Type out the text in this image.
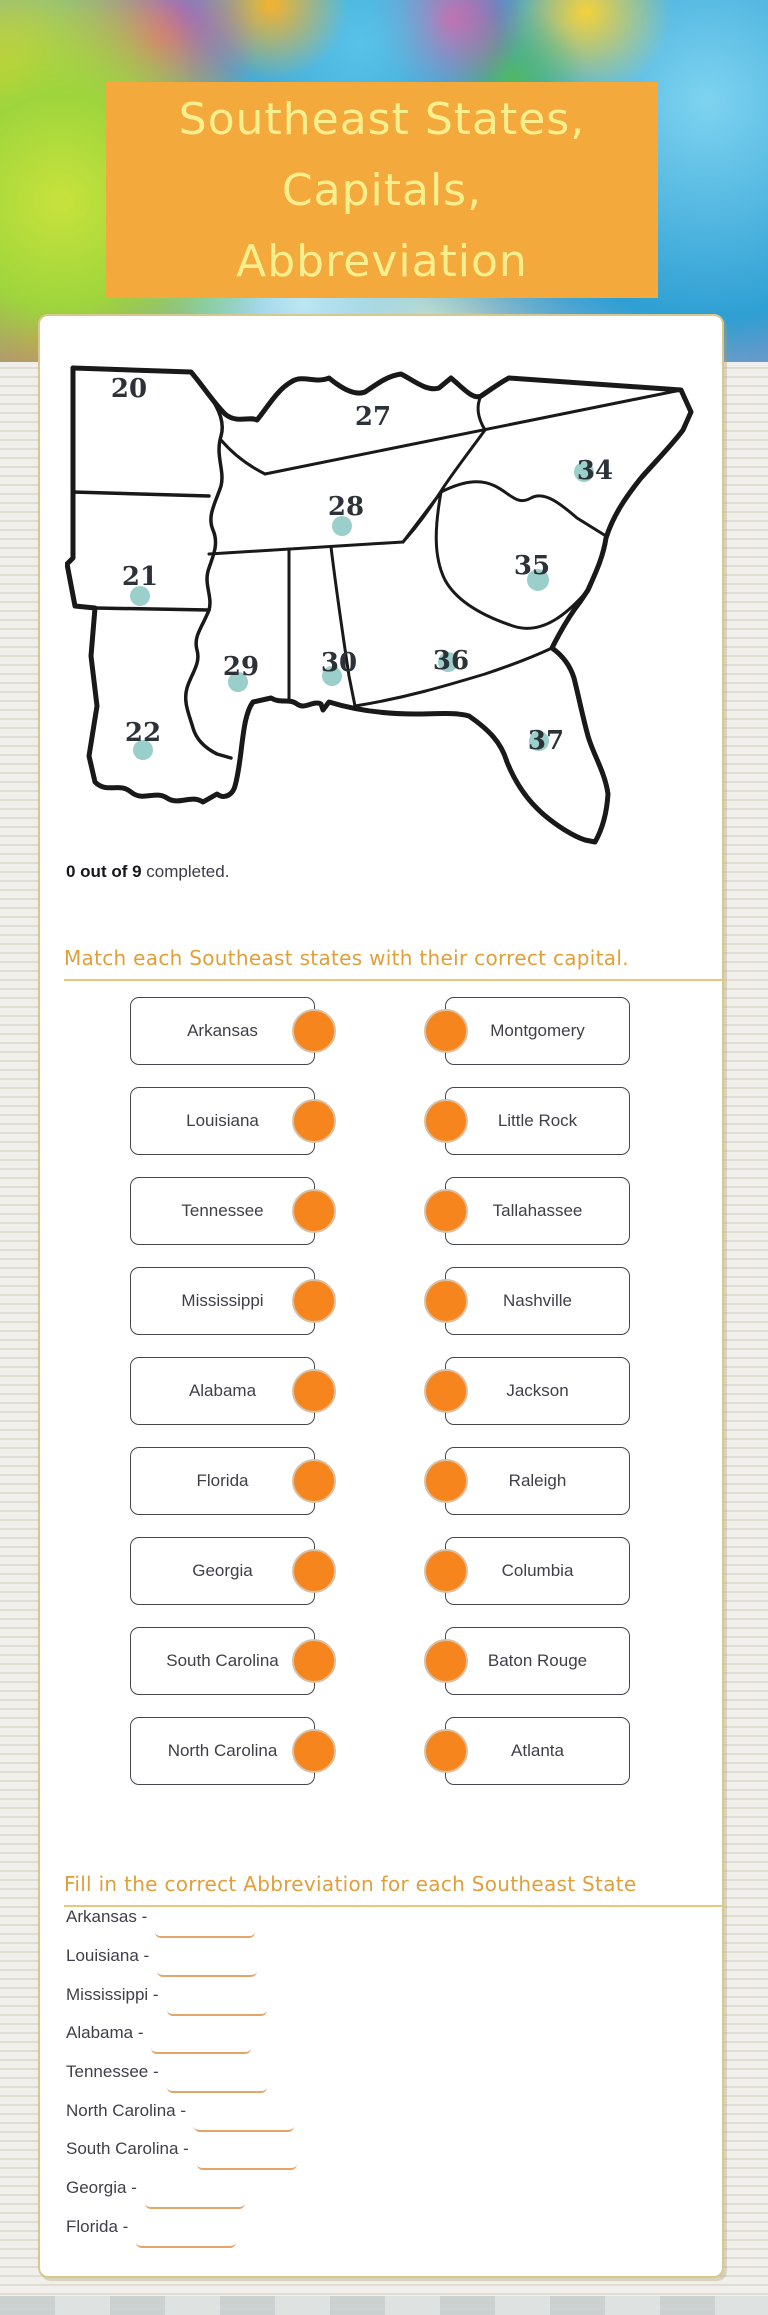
Southeast States,
Capitals,
Abbreviation
20
27
28
34
21	35
29 30	36
22	37
0 out of 9 completed.
Match each Southeast states with their correct capital.
Arkansas	Montgomery
Louisiana	Little Rock
Tennessee	Tallahassee
Mississippi	Nashville
Alabama	Jackson
Florida	Raleigh
Georgia	Columbia
South Carolina	Baton Rouge
North Carolina	Atlanta
Fill in the correct Abbreviation for each Southeast State
Arkansas -
Louisiana -
Mississippi -
Alabama -
Tennessee -
North Carolina -
South Carolina -
Georgia -
Florida -
